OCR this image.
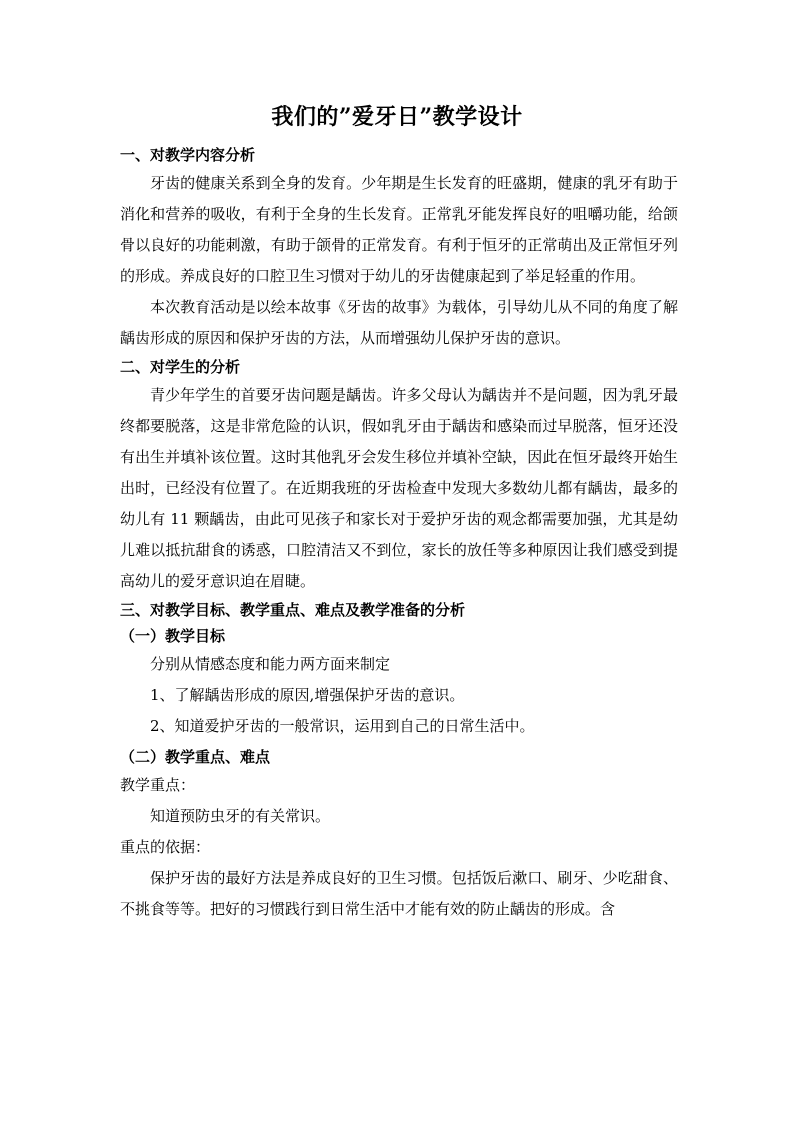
我们的”爱牙日”教学设计

一、对教学内容分析

牙齿的健康关系到全身的发育。少年期是生长发育的旺盛期，健康的乳牙有助于消化和营养的吸收，有利于全身的生长发育。正常乳牙能发挥良好的咀嚼功能，给颌骨以良好的功能刺激，有助于颌骨的正常发育。有利于恒牙的正常萌出及正常恒牙列的形成。养成良好的口腔卫生习惯对于幼儿的牙齿健康起到了举足轻重的作用。

本次教育活动是以绘本故事《牙齿的故事》为载体，引导幼儿从不同的角度了解龋齿形成的原因和保护牙齿的方法，从而增强幼儿保护牙齿的意识。

二、对学生的分析

青少年学生的首要牙齿问题是龋齿。许多父母认为龋齿并不是问题，因为乳牙最终都要脱落，这是非常危险的认识，假如乳牙由于龋齿和感染而过早脱落，恒牙还没有出生并填补该位置。这时其他乳牙会发生移位并填补空缺，因此在恒牙最终开始生出时，已经没有位置了。在近期我班的牙齿检查中发现大多数幼儿都有龋齿，最多的幼儿有 11 颗龋齿，由此可见孩子和家长对于爱护牙齿的观念都需要加强，尤其是幼儿难以抵抗甜食的诱惑，口腔清洁又不到位，家长的放任等多种原因让我们感受到提高幼儿的爱牙意识迫在眉睫。

三、对教学目标、教学重点、难点及教学准备的分析

（一）教学目标

分别从情感态度和能力两方面来制定

1、了解龋齿形成的原因,增强保护牙齿的意识。

2、知道爱护牙齿的一般常识，运用到自己的日常生活中。

（二）教学重点、难点

教学重点：

知道预防虫牙的有关常识。

重点的依据：

保护牙齿的最好方法是养成良好的卫生习惯。包括饭后漱口、刷牙、少吃甜食、不挑食等等。把好的习惯践行到日常生活中才能有效的防止龋齿的形成。含
